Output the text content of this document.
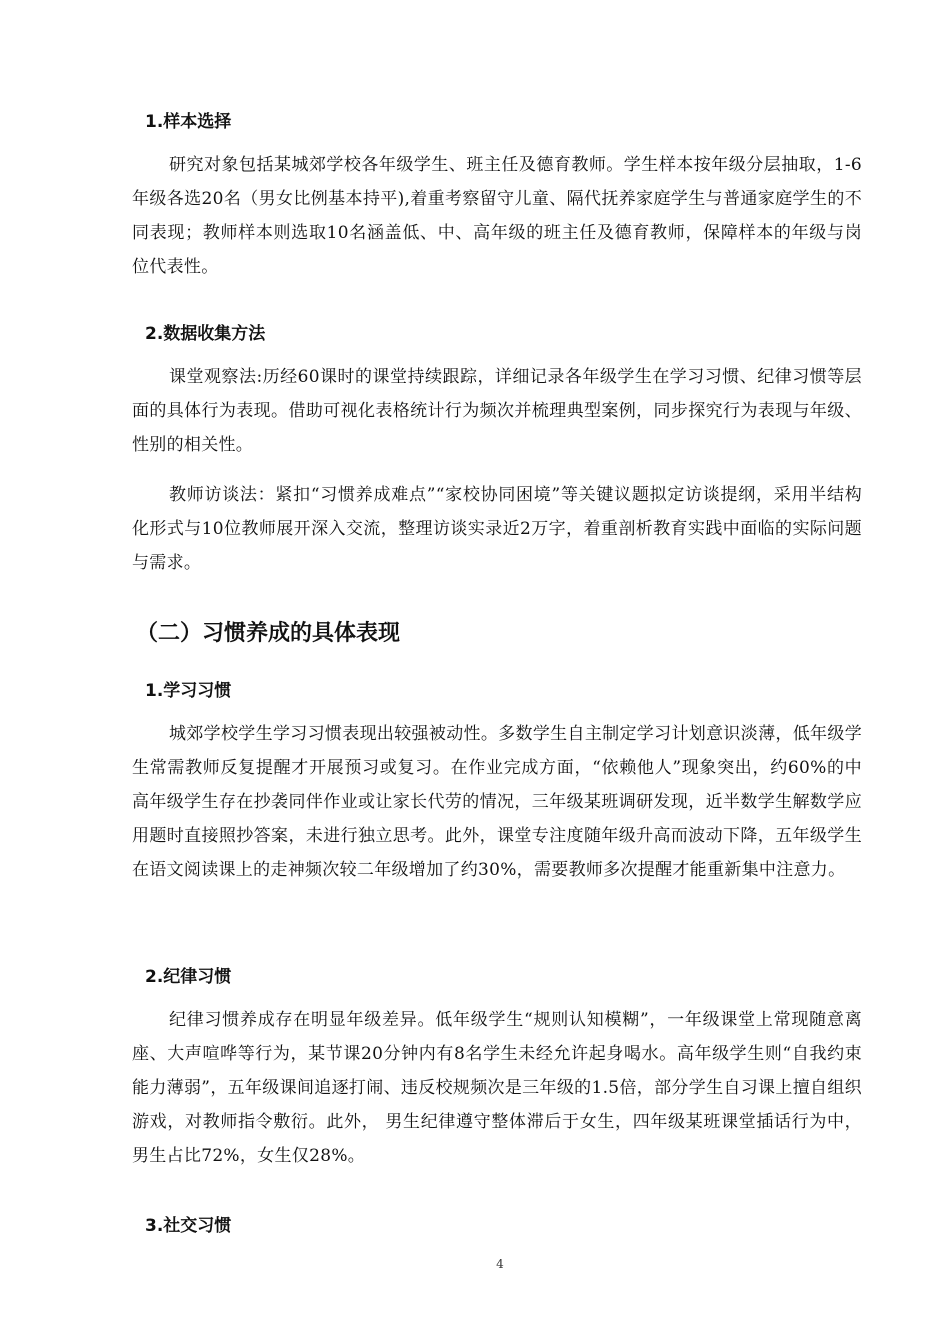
1.样本选择

研究对象包括某城郊学校各年级学生、班主任及德育教师。学生样本按年级分层抽取，1-6年级各选20名（男女比例基本持平),着重考察留守儿童、隔代抚养家庭学生与普通家庭学生的不同表现；教师样本则选取10名涵盖低、中、高年级的班主任及德育教师，保障样本的年级与岗位代表性。

2.数据收集方法

课堂观察法:历经60课时的课堂持续跟踪，详细记录各年级学生在学习习惯、纪律习惯等层面的具体行为表现。借助可视化表格统计行为频次并梳理典型案例，同步探究行为表现与年级、性别的相关性。

教师访谈法：紧扣“习惯养成难点”“家校协同困境”等关键议题拟定访谈提纲，采用半结构化形式与10位教师展开深入交流，整理访谈实录近2万字，着重剖析教育实践中面临的实际问题与需求。

（二）习惯养成的具体表现
1.学习习惯

城郊学校学生学习习惯表现出较强被动性。多数学生自主制定学习计划意识淡薄，低年级学生常需教师反复提醒才开展预习或复习。在作业完成方面，“依赖他人”现象突出，约60%的中高年级学生存在抄袭同伴作业或让家长代劳的情况，三年级某班调研发现，近半数学生解数学应用题时直接照抄答案，未进行独立思考。此外，课堂专注度随年级升高而波动下降，五年级学生在语文阅读课上的走神频次较二年级增加了约30%，需要教师多次提醒才能重新集中注意力。

2.纪律习惯

纪律习惯养成存在明显年级差异。低年级学生“规则认知模糊”，一年级课堂上常现随意离座、大声喧哗等行为，某节课20分钟内有8名学生未经允许起身喝水。高年级学生则“自我约束能力薄弱”，五年级课间追逐打闹、违反校规频次是三年级的1.5倍，部分学生自习课上擅自组织游戏，对教师指令敷衍。此外， 男生纪律遵守整体滞后于女生，四年级某班课堂插话行为中，男生占比72%，女生仅28%。

3.社交习惯
4
